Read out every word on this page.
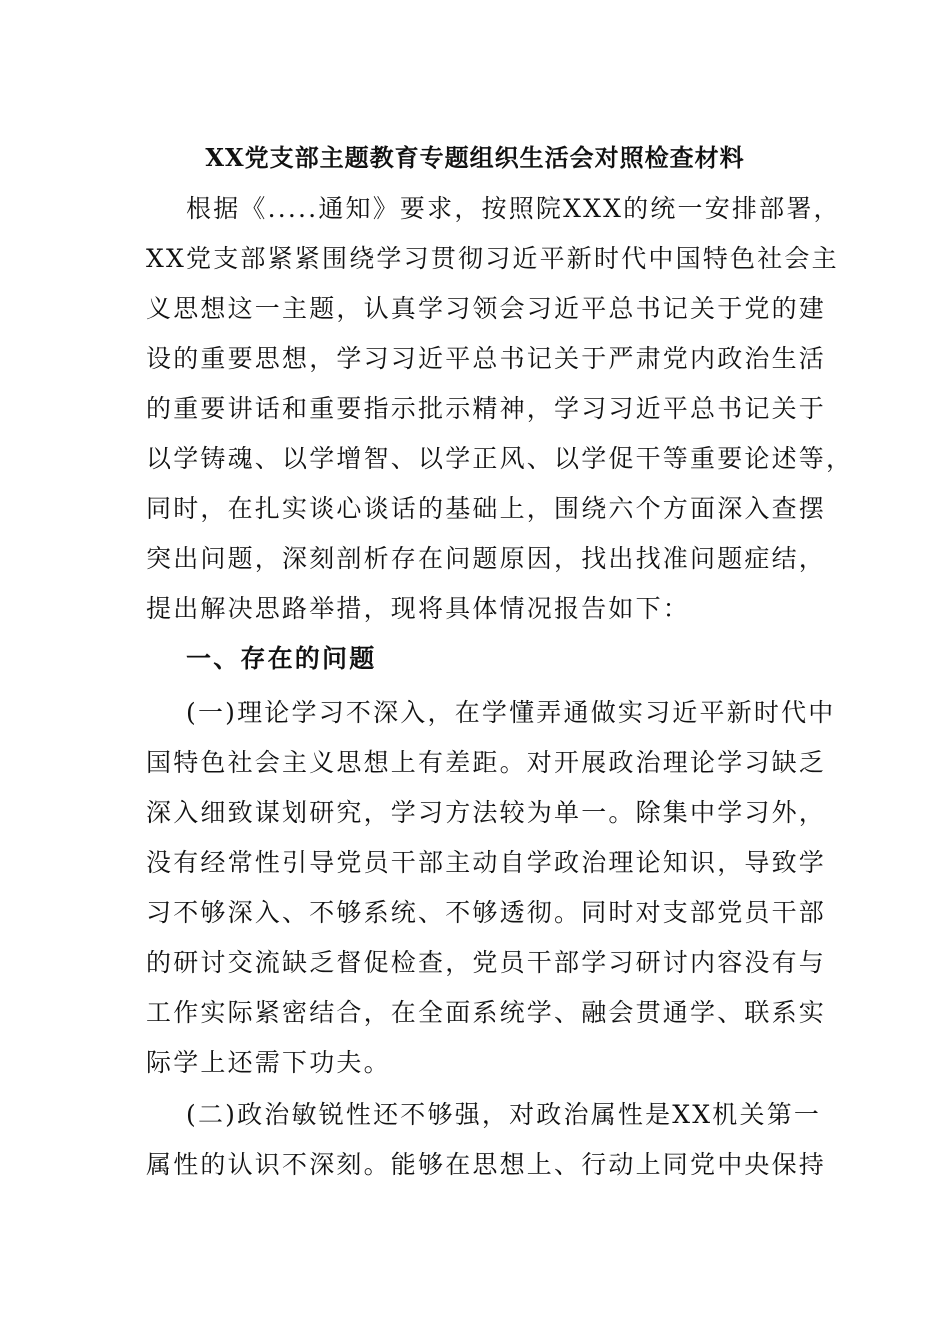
XX党支部主题教育专题组织生活会对照检查材料
根据《.....通知》要求，按照院XXX的统一安排部署，
XX党支部紧紧围绕学习贯彻习近平新时代中国特色社会主
义思想这一主题，认真学习领会习近平总书记关于党的建
设的重要思想，学习习近平总书记关于严肃党内政治生活
的重要讲话和重要指示批示精神，学习习近平总书记关于
以学铸魂、以学增智、以学正风、以学促干等重要论述等，
同时，在扎实谈心谈话的基础上，围绕六个方面深入查摆
突出问题，深刻剖析存在问题原因，找出找准问题症结，
提出解决思路举措，现将具体情况报告如下：
一、存在的问题
(一)理论学习不深入，在学懂弄通做实习近平新时代中
国特色社会主义思想上有差距。对开展政治理论学习缺乏
深入细致谋划研究，学习方法较为单一。除集中学习外，
没有经常性引导党员干部主动自学政治理论知识，导致学
习不够深入、不够系统、不够透彻。同时对支部党员干部
的研讨交流缺乏督促检查，党员干部学习研讨内容没有与
工作实际紧密结合，在全面系统学、融会贯通学、联系实
际学上还需下功夫。
(二)政治敏锐性还不够强，对政治属性是XX机关第一
属性的认识不深刻。能够在思想上、行动上同党中央保持
